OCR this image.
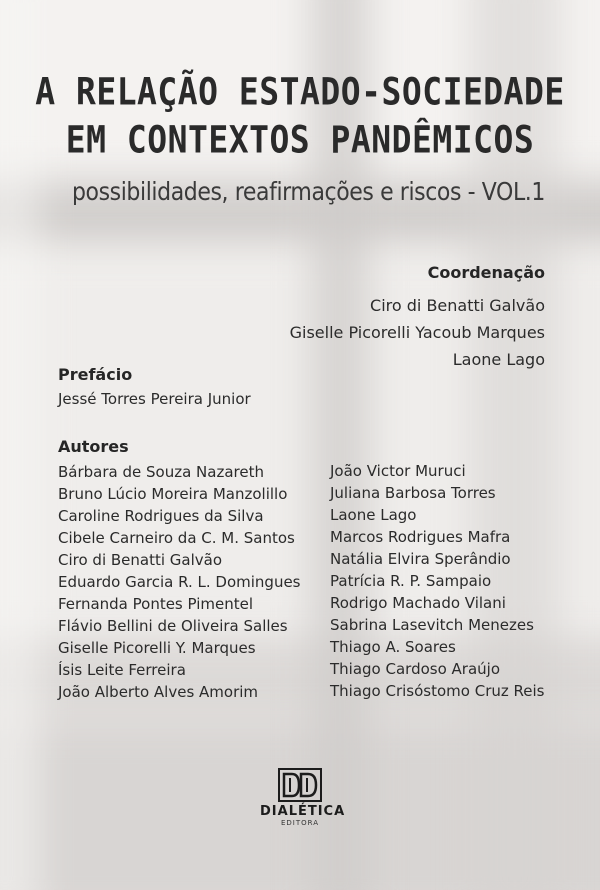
A RELAÇÃO ESTADO-SOCIEDADE
EM CONTEXTOS PANDÊMICOS
possibilidades, reafirmações e riscos - VOL.1
Coordenação
Ciro di Benatti Galvão
Giselle Picorelli Yacoub Marques
Laone Lago
Prefácio
Jessé Torres Pereira Junior
Autores
Bárbara de Souza Nazareth
Bruno Lúcio Moreira Manzolillo
Caroline Rodrigues da Silva
Cibele Carneiro da C. M. Santos
Ciro di Benatti Galvão
Eduardo Garcia R. L. Domingues
Fernanda Pontes Pimentel
Flávio Bellini de Oliveira Salles
Giselle Picorelli Y. Marques
Ísis Leite Ferreira
João Alberto Alves Amorim
João Victor Muruci
Juliana Barbosa Torres
Laone Lago
Marcos Rodrigues Mafra
Natália Elvira Sperândio
Patrícia R. P. Sampaio
Rodrigo Machado Vilani
Sabrina Lasevitch Menezes
Thiago A. Soares
Thiago Cardoso Araújo
Thiago Crisóstomo Cruz Reis
DIALÉTICA
EDITORA
